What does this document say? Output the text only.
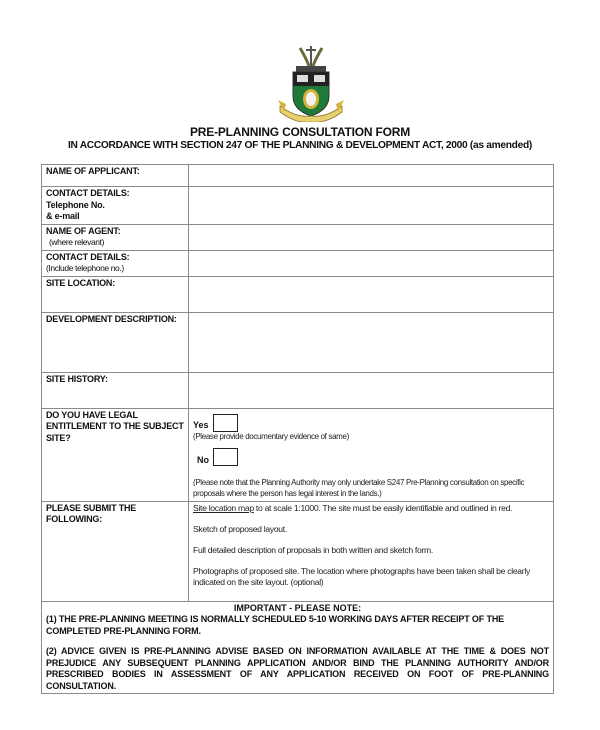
PRE-PLANNING CONSULTATION FORM
IN ACCORDANCE WITH SECTION 247 OF THE PLANNING & DEVELOPMENT ACT, 2000 (as amended)
NAME OF APPLICANT:	

CONTACT DETAILS:
Telephone No.
& e-mail	

NAME OF AGENT:
(where relevant)	

CONTACT DETAILS:
(Include telephone no.)	

SITE LOCATION:	
DEVELOPMENT DESCRIPTION:	
SITE HISTORY:	
DO YOU HAVE LEGAL ENTITLEMENT TO THE SUBJECT SITE?	Yes
(Please provide documentary evidence of same)
No
(Please note that the Planning Authority may only undertake S247 Pre-Planning consultation on specific proposals where the person has legal interest in the lands.)

PLEASE SUBMIT THE FOLLOWING:	Site location map to at scale 1:1000. The site must be easily identifiable and outlined in red.
Sketch of proposed layout.
Full detailed description of proposals in both written and sketch form.
Photographs of proposed site. The location where photographs have been taken shall be clearly indicated on the site layout. (optional)

IMPORTANT - PLEASE NOTE:
(1) THE PRE-PLANNING MEETING IS NORMALLY SCHEDULED 5-10 WORKING DAYS AFTER RECEIPT OF THE COMPLETED PRE-PLANNING FORM.
(2) ADVICE GIVEN IS PRE-PLANNING ADVISE BASED ON INFORMATION AVAILABLE AT THE TIME & DOES NOT PREJUDICE ANY SUBSEQUENT PLANNING APPLICATION AND/OR BIND THE PLANNING AUTHORITY AND/OR PRESCRIBED BODIES IN ASSESSMENT OF ANY APPLICATION RECEIVED ON FOOT OF PRE-PLANNING CONSULTATION.	
